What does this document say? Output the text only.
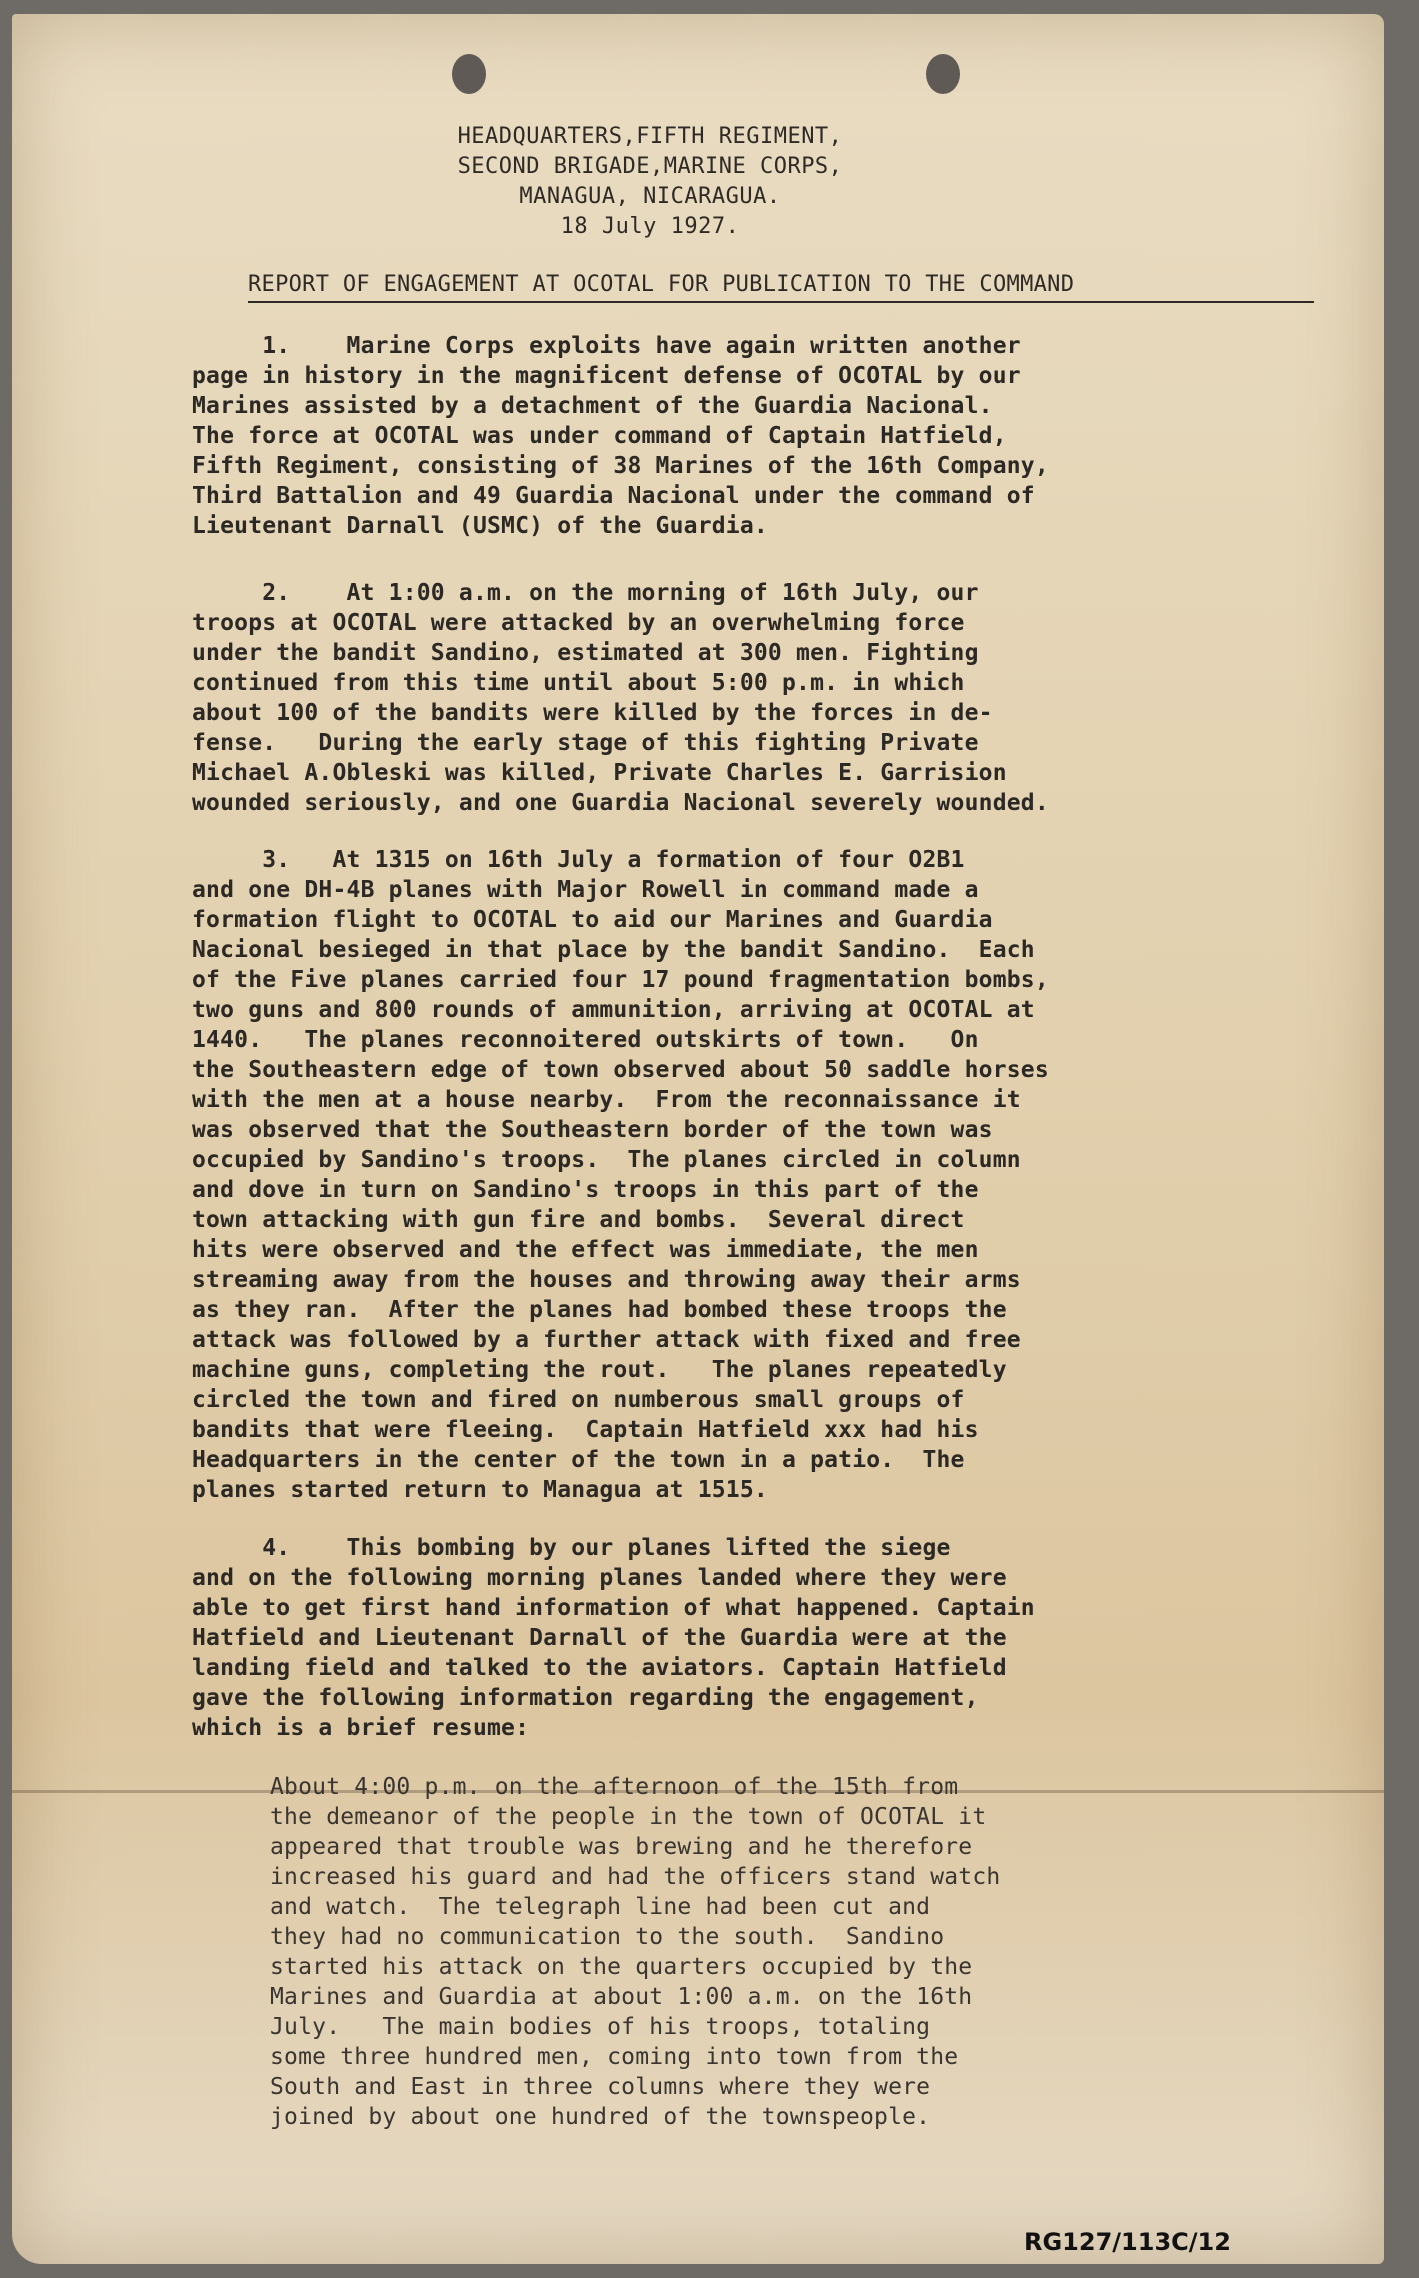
HEADQUARTERS,FIFTH REGIMENT,
SECOND BRIGADE,MARINE CORPS,
MANAGUA, NICARAGUA.
18 July 1927.
REPORT OF ENGAGEMENT AT OCOTAL FOR PUBLICATION TO THE COMMAND
1.    Marine Corps exploits have again written another
page in history in the magnificent defense of OCOTAL by our
Marines assisted by a detachment of the Guardia Nacional.
The force at OCOTAL was under command of Captain Hatfield,
Fifth Regiment, consisting of 38 Marines of the 16th Company,
Third Battalion and 49 Guardia Nacional under the command of
Lieutenant Darnall (USMC) of the Guardia.
2.    At 1:00 a.m. on the morning of 16th July, our
troops at OCOTAL were attacked by an overwhelming force
under the bandit Sandino, estimated at 300 men. Fighting
continued from this time until about 5:00 p.m. in which
about 100 of the bandits were killed by the forces in de-
fense.   During the early stage of this fighting Private
Michael A.Obleski was killed, Private Charles E. Garrision
wounded seriously, and one Guardia Nacional severely wounded.
3.   At 1315 on 16th July a formation of four O2B1
and one DH-4B planes with Major Rowell in command made a
formation flight to OCOTAL to aid our Marines and Guardia
Nacional besieged in that place by the bandit Sandino.  Each
of the Five planes carried four 17 pound fragmentation bombs,
two guns and 800 rounds of ammunition, arriving at OCOTAL at
1440.   The planes reconnoitered outskirts of town.   On
the Southeastern edge of town observed about 50 saddle horses
with the men at a house nearby.  From the reconnaissance it
was observed that the Southeastern border of the town was
occupied by Sandino's troops.  The planes circled in column
and dove in turn on Sandino's troops in this part of the
town attacking with gun fire and bombs.  Several direct
hits were observed and the effect was immediate, the men
streaming away from the houses and throwing away their arms
as they ran.  After the planes had bombed these troops the
attack was followed by a further attack with fixed and free
machine guns, completing the rout.   The planes repeatedly
circled the town and fired on numberous small groups of
bandits that were fleeing.  Captain Hatfield xxx had his
Headquarters in the center of the town in a patio.  The
planes started return to Managua at 1515.
4.    This bombing by our planes lifted the siege
and on the following morning planes landed where they were
able to get first hand information of what happened. Captain
Hatfield and Lieutenant Darnall of the Guardia were at the
landing field and talked to the aviators. Captain Hatfield
gave the following information regarding the engagement,
which is a brief resume:
About 4:00 p.m. on the afternoon of the 15th from
the demeanor of the people in the town of OCOTAL it
appeared that trouble was brewing and he therefore
increased his guard and had the officers stand watch
and watch.  The telegraph line had been cut and
they had no communication to the south.  Sandino
started his attack on the quarters occupied by the
Marines and Guardia at about 1:00 a.m. on the 16th
July.   The main bodies of his troops, totaling
some three hundred men, coming into town from the
South and East in three columns where they were
joined by about one hundred of the townspeople.
RG127/113C/12
